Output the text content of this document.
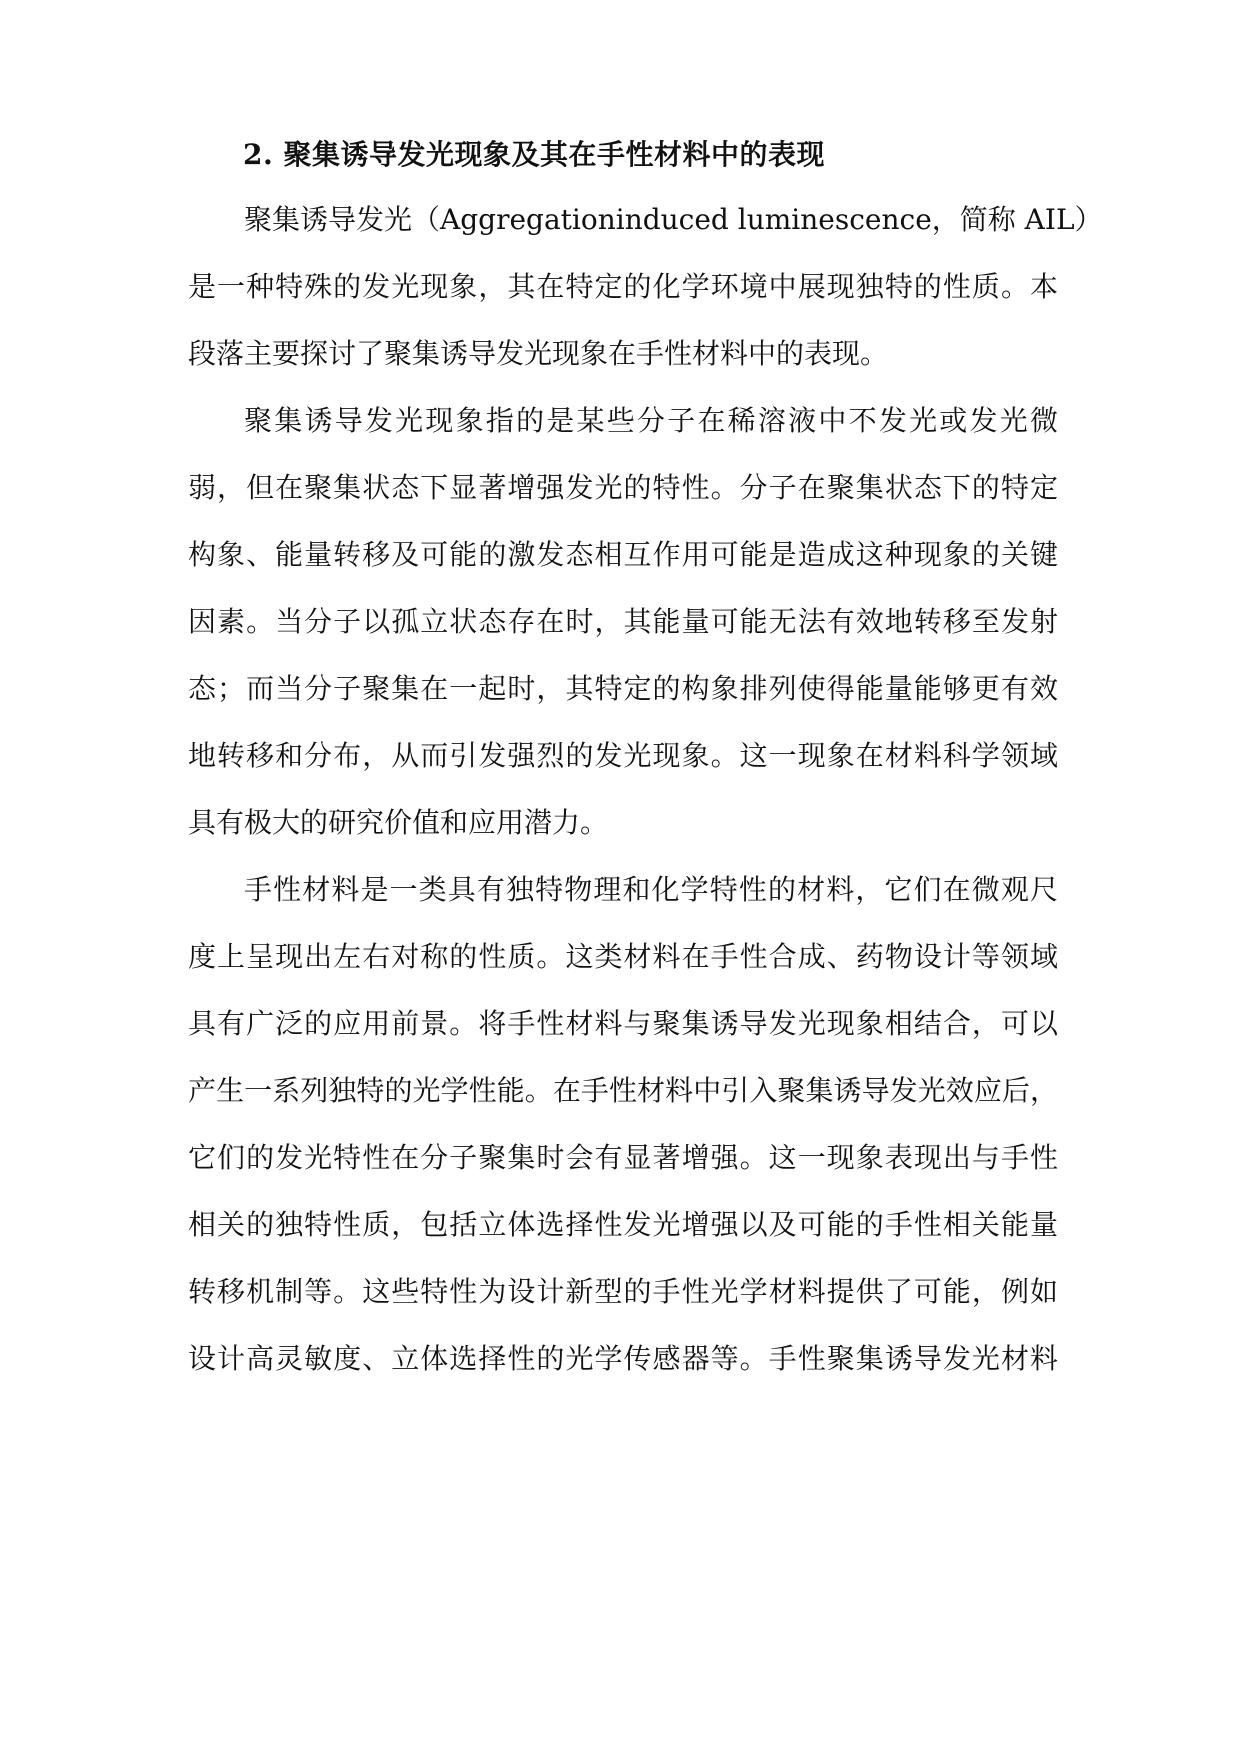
2. 聚集诱导发光现象及其在手性材料中的表现
聚集诱导发光（Aggregationinduced luminescence，简称 AIL）
是一种特殊的发光现象，其在特定的化学环境中展现独特的性质。本
段落主要探讨了聚集诱导发光现象在手性材料中的表现。
聚集诱导发光现象指的是某些分子在稀溶液中不发光或发光微
弱，但在聚集状态下显著增强发光的特性。分子在聚集状态下的特定
构象、能量转移及可能的激发态相互作用可能是造成这种现象的关键
因素。当分子以孤立状态存在时，其能量可能无法有效地转移至发射
态；而当分子聚集在一起时，其特定的构象排列使得能量能够更有效
地转移和分布，从而引发强烈的发光现象。这一现象在材料科学领域
具有极大的研究价值和应用潜力。
手性材料是一类具有独特物理和化学特性的材料，它们在微观尺
度上呈现出左右对称的性质。这类材料在手性合成、药物设计等领域
具有广泛的应用前景。将手性材料与聚集诱导发光现象相结合，可以
产生一系列独特的光学性能。在手性材料中引入聚集诱导发光效应后，
它们的发光特性在分子聚集时会有显著增强。这一现象表现出与手性
相关的独特性质，包括立体选择性发光增强以及可能的手性相关能量
转移机制等。这些特性为设计新型的手性光学材料提供了可能，例如
设计高灵敏度、立体选择性的光学传感器等。手性聚集诱导发光材料
